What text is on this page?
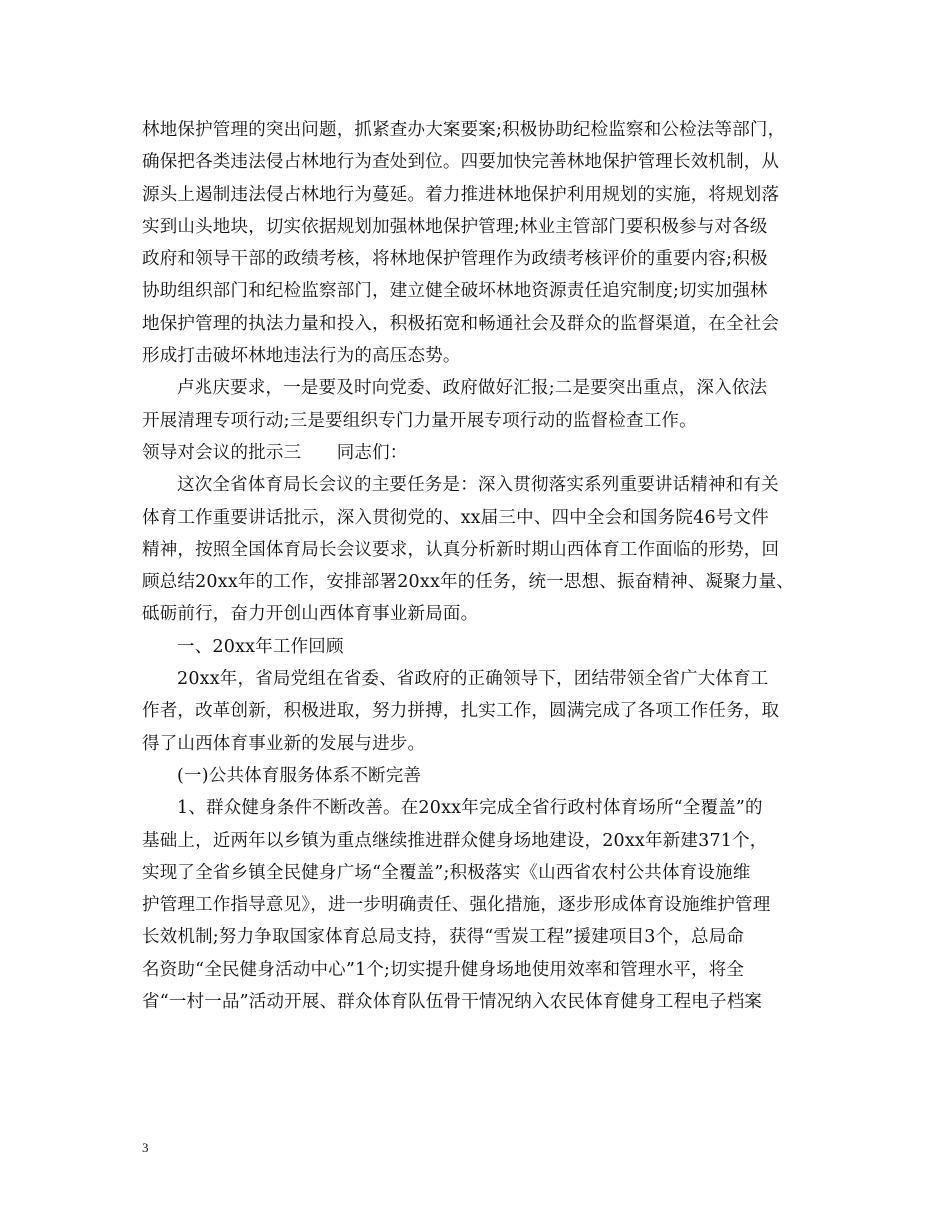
林地保护管理的突出问题，抓紧查办大案要案;积极协助纪检监察和公检法等部门，
确保把各类违法侵占林地行为查处到位。四要加快完善林地保护管理长效机制，从
源头上遏制违法侵占林地行为蔓延。着力推进林地保护利用规划的实施，将规划落
实到山头地块，切实依据规划加强林地保护管理;林业主管部门要积极参与对各级
政府和领导干部的政绩考核，将林地保护管理作为政绩考核评价的重要内容;积极
协助组织部门和纪检监察部门，建立健全破坏林地资源责任追究制度;切实加强林
地保护管理的执法力量和投入，积极拓宽和畅通社会及群众的监督渠道，在全社会
形成打击破坏林地违法行为的高压态势。
卢兆庆要求，一是要及时向党委、政府做好汇报;二是要突出重点，深入依法
开展清理专项行动;三是要组织专门力量开展专项行动的监督检查工作。
领导对会议的批示三　　同志们：
这次全省体育局长会议的主要任务是：深入贯彻落实系列重要讲话精神和有关
体育工作重要讲话批示，深入贯彻党的、xx届三中、四中全会和国务院46号文件
精神，按照全国体育局长会议要求，认真分析新时期山西体育工作面临的形势，回
顾总结20xx年的工作，安排部署20xx年的任务，统一思想、振奋精神、凝聚力量、
砥砺前行，奋力开创山西体育事业新局面。
一、20xx年工作回顾
20xx年，省局党组在省委、省政府的正确领导下，团结带领全省广大体育工
作者，改革创新，积极进取，努力拼搏，扎实工作，圆满完成了各项工作任务，取
得了山西体育事业新的发展与进步。
(一)公共体育服务体系不断完善
1、群众健身条件不断改善。在20xx年完成全省行政村体育场所“全覆盖”的
基础上，近两年以乡镇为重点继续推进群众健身场地建设，20xx年新建371个，
实现了全省乡镇全民健身广场“全覆盖”;积极落实《山西省农村公共体育设施维
护管理工作指导意见》，进一步明确责任、强化措施，逐步形成体育设施维护管理
长效机制;努力争取国家体育总局支持，获得“雪炭工程”援建项目3个，总局命
名资助“全民健身活动中心”1个;切实提升健身场地使用效率和管理水平，将全
省“一村一品”活动开展、群众体育队伍骨干情况纳入农民体育健身工程电子档案
3
